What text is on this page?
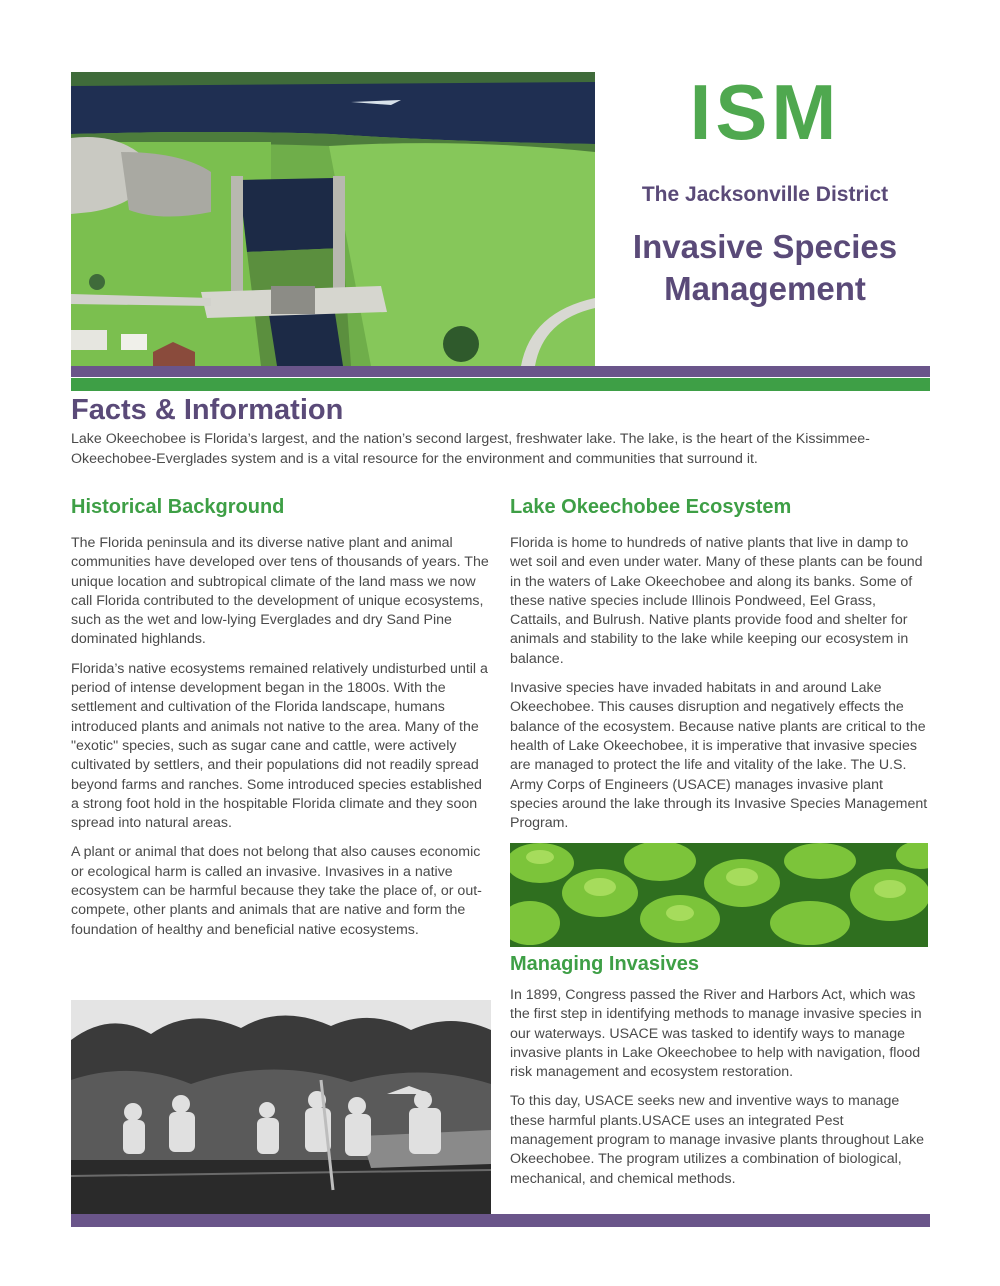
ISM
The Jacksonville District
Invasive Species
Management
Facts & Information

Lake Okeechobee is Florida’s largest, and the nation’s second largest, freshwater lake. The lake, is the heart of the Kissimmee-Okeechobee-Everglades system and is a vital resource for the environment and communities that surround it.

Historical Background

The Florida peninsula and its diverse native plant and animal communities have developed over tens of thousands of years. The unique location and subtropical climate of the land mass we now call Florida contributed to the development of unique ecosystems, such as the wet and low-lying Everglades and dry Sand Pine dominated highlands.

Florida’s native ecosystems remained relatively undisturbed until a period of intense development began in the 1800s. With the settlement and cultivation of the Florida landscape, humans introduced plants and animals not native to the area. Many of the "exotic" species, such as sugar cane and cattle, were actively cultivated by settlers, and their populations did not readily spread beyond farms and ranches. Some introduced species established a strong foot hold in the hospitable Florida climate and they soon spread into natural areas.

A plant or animal that does not belong that also causes economic or ecological harm is called an invasive. Invasives in a native ecosystem can be harmful because they take the place of, or out-compete, other plants and animals that are native and form the foundation of healthy and beneficial native ecosystems.

Lake Okeechobee Ecosystem

Florida is home to hundreds of native plants that live in damp to wet soil and even under water. Many of these plants can be found in the waters of Lake Okeechobee and along its banks. Some of these native species include Illinois Pondweed, Eel Grass, Cattails, and Bulrush. Native plants provide food and shelter for animals and stability to the lake while keeping our ecosystem in balance.

Invasive species have invaded habitats in and around Lake Okeechobee. This causes disruption and negatively effects the balance of the ecosystem. Because native plants are critical to the health of Lake Okeechobee, it is imperative that invasive species are managed to protect the life and vitality of the lake. The U.S. Army Corps of Engineers (USACE) manages invasive plant species around the lake through its Invasive Species Management Program.

Managing Invasives

In 1899, Congress passed the River and Harbors Act, which was the first step in identifying methods to manage invasive species in our waterways. USACE was tasked to identify ways to manage invasive plants in Lake Okeechobee to help with navigation, flood risk management and ecosystem restoration.

To this day, USACE seeks new and inventive ways to manage these harmful plants.USACE uses an integrated Pest management program to manage invasive plants throughout Lake Okeechobee. The program utilizes a combination of biological, mechanical, and chemical methods.
